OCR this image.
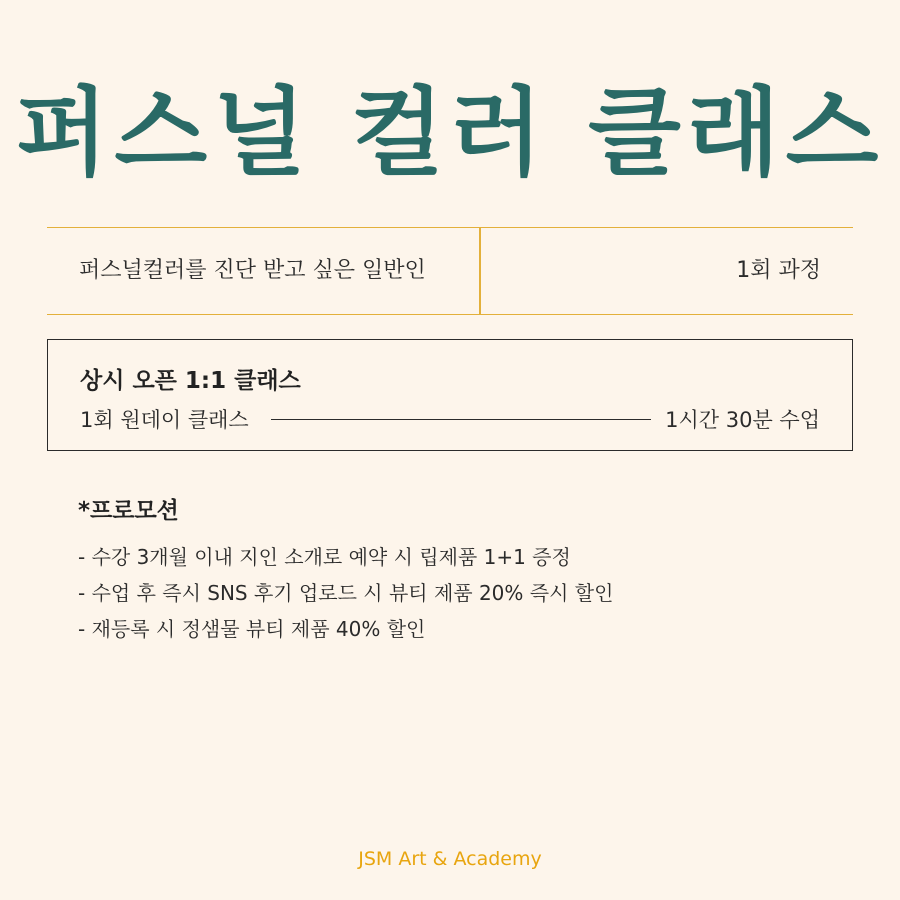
퍼스널 컬러 클래스
퍼스널컬러를 진단 받고 싶은 일반인	1회 과정
상시 오픈 1:1 클래스
1회 원데이 클래스	1시간 30분 수업
*프로모션
- 수강 3개월 이내 지인 소개로 예약 시 립제품 1+1 증정
- 수업 후 즉시 SNS 후기 업로드 시 뷰티 제품 20% 즉시 할인
- 재등록 시 정샘물 뷰티 제품 40% 할인
JSM Art & Academy
